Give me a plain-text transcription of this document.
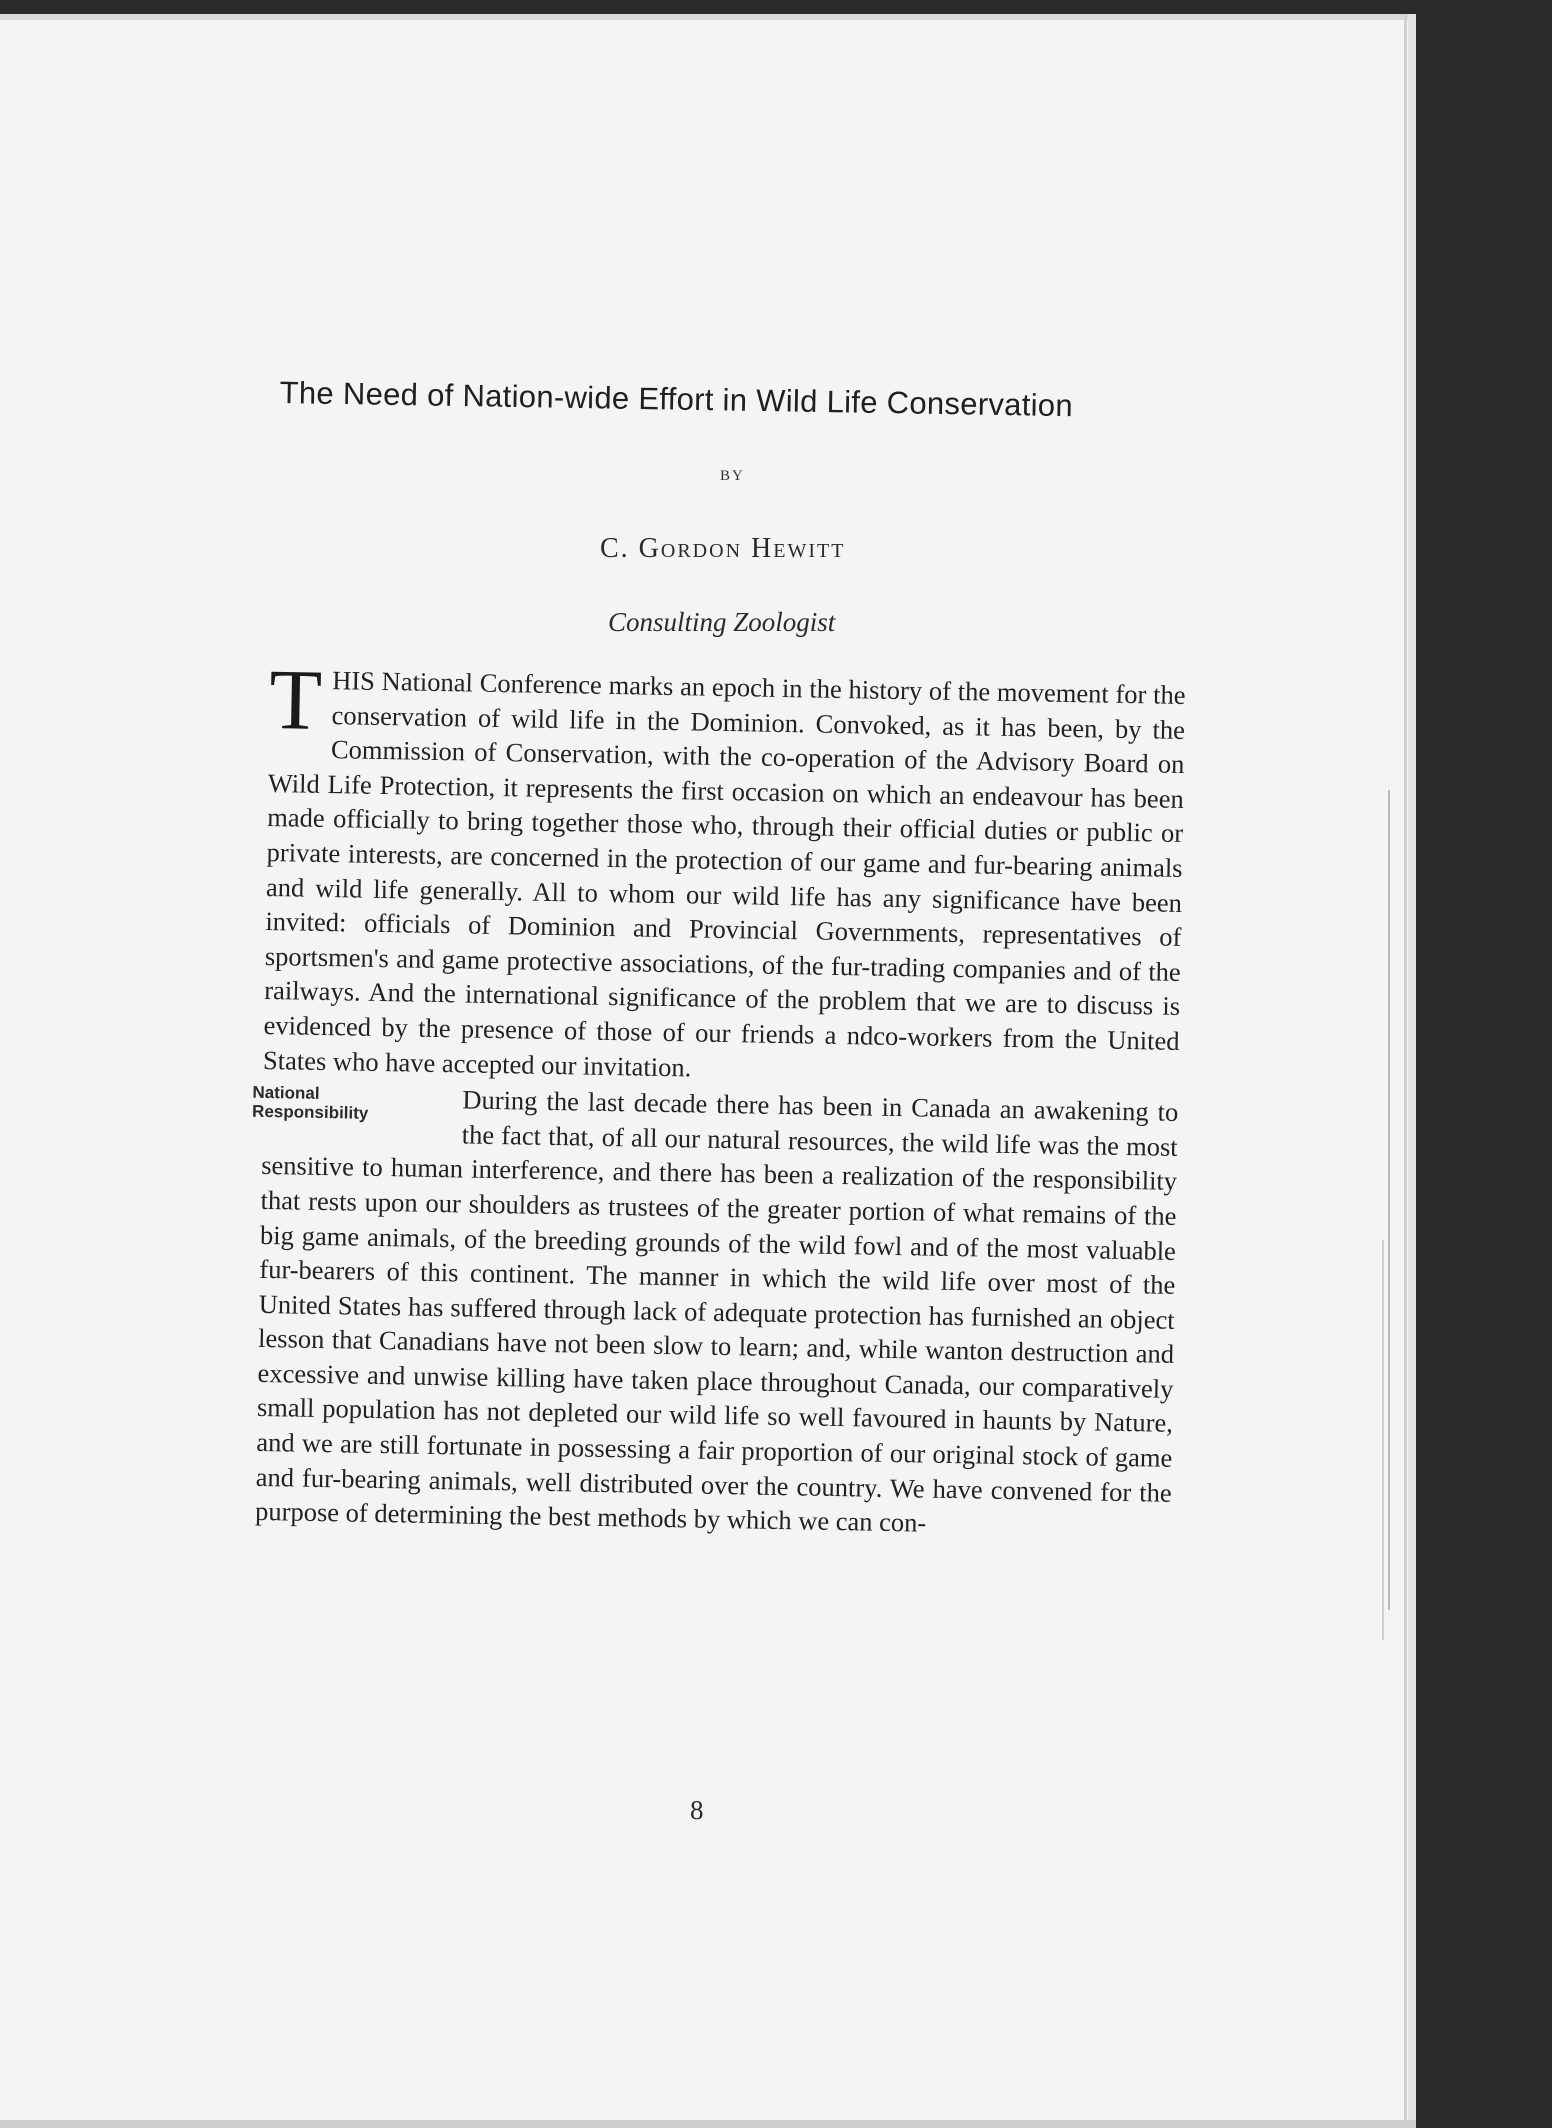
The Need of Nation-wide Effort in Wild Life Conservation
BY
C. Gordon Hewitt
Consulting Zoologist

THIS National Conference marks an epoch in the history of the movement for the conservation of wild life in the Dominion. Convoked, as it has been, by the Commission of Conservation, with the co-operation of the Advisory Board on Wild Life Protection, it represents the first occasion on which an endeavour has been made officially to bring together those who, through their official duties or public or private interests, are concerned in the protection of our game and fur-bearing animals and wild life generally. All to whom our wild life has any significance have been invited: officials of Dominion and Provincial Governments, representatives of sportsmen's and game protective associations, of the fur-trading companies and of the railways. And the international significance of the problem that we are to discuss is evidenced by the presence of those of our friends a ndco-workers from the United States who have accepted our invitation.

National
Responsibility	During the last decade there has been in Canada an awakening to the fact that, of all our natural resources, the wild life was the most sensitive to human interference, and there has been a realization of the responsibility that rests upon our shoulders as trustees of the greater portion of what remains of the big game animals, of the breeding grounds of the wild fowl and of the most valuable fur-bearers of this continent. The manner in which the wild life over most of the United States has suffered through lack of adequate protection has furnished an object lesson that Canadians have not been slow to learn; and, while wanton destruction and excessive and unwise killing have taken place throughout Canada, our comparatively small population has not depleted our wild life so well favoured in haunts by Nature, and we are still fortunate in possessing a fair proportion of our original stock of game and fur-bearing animals, well distributed over the country. We have convened for the purpose of determining the best methods by which we can con-

8
